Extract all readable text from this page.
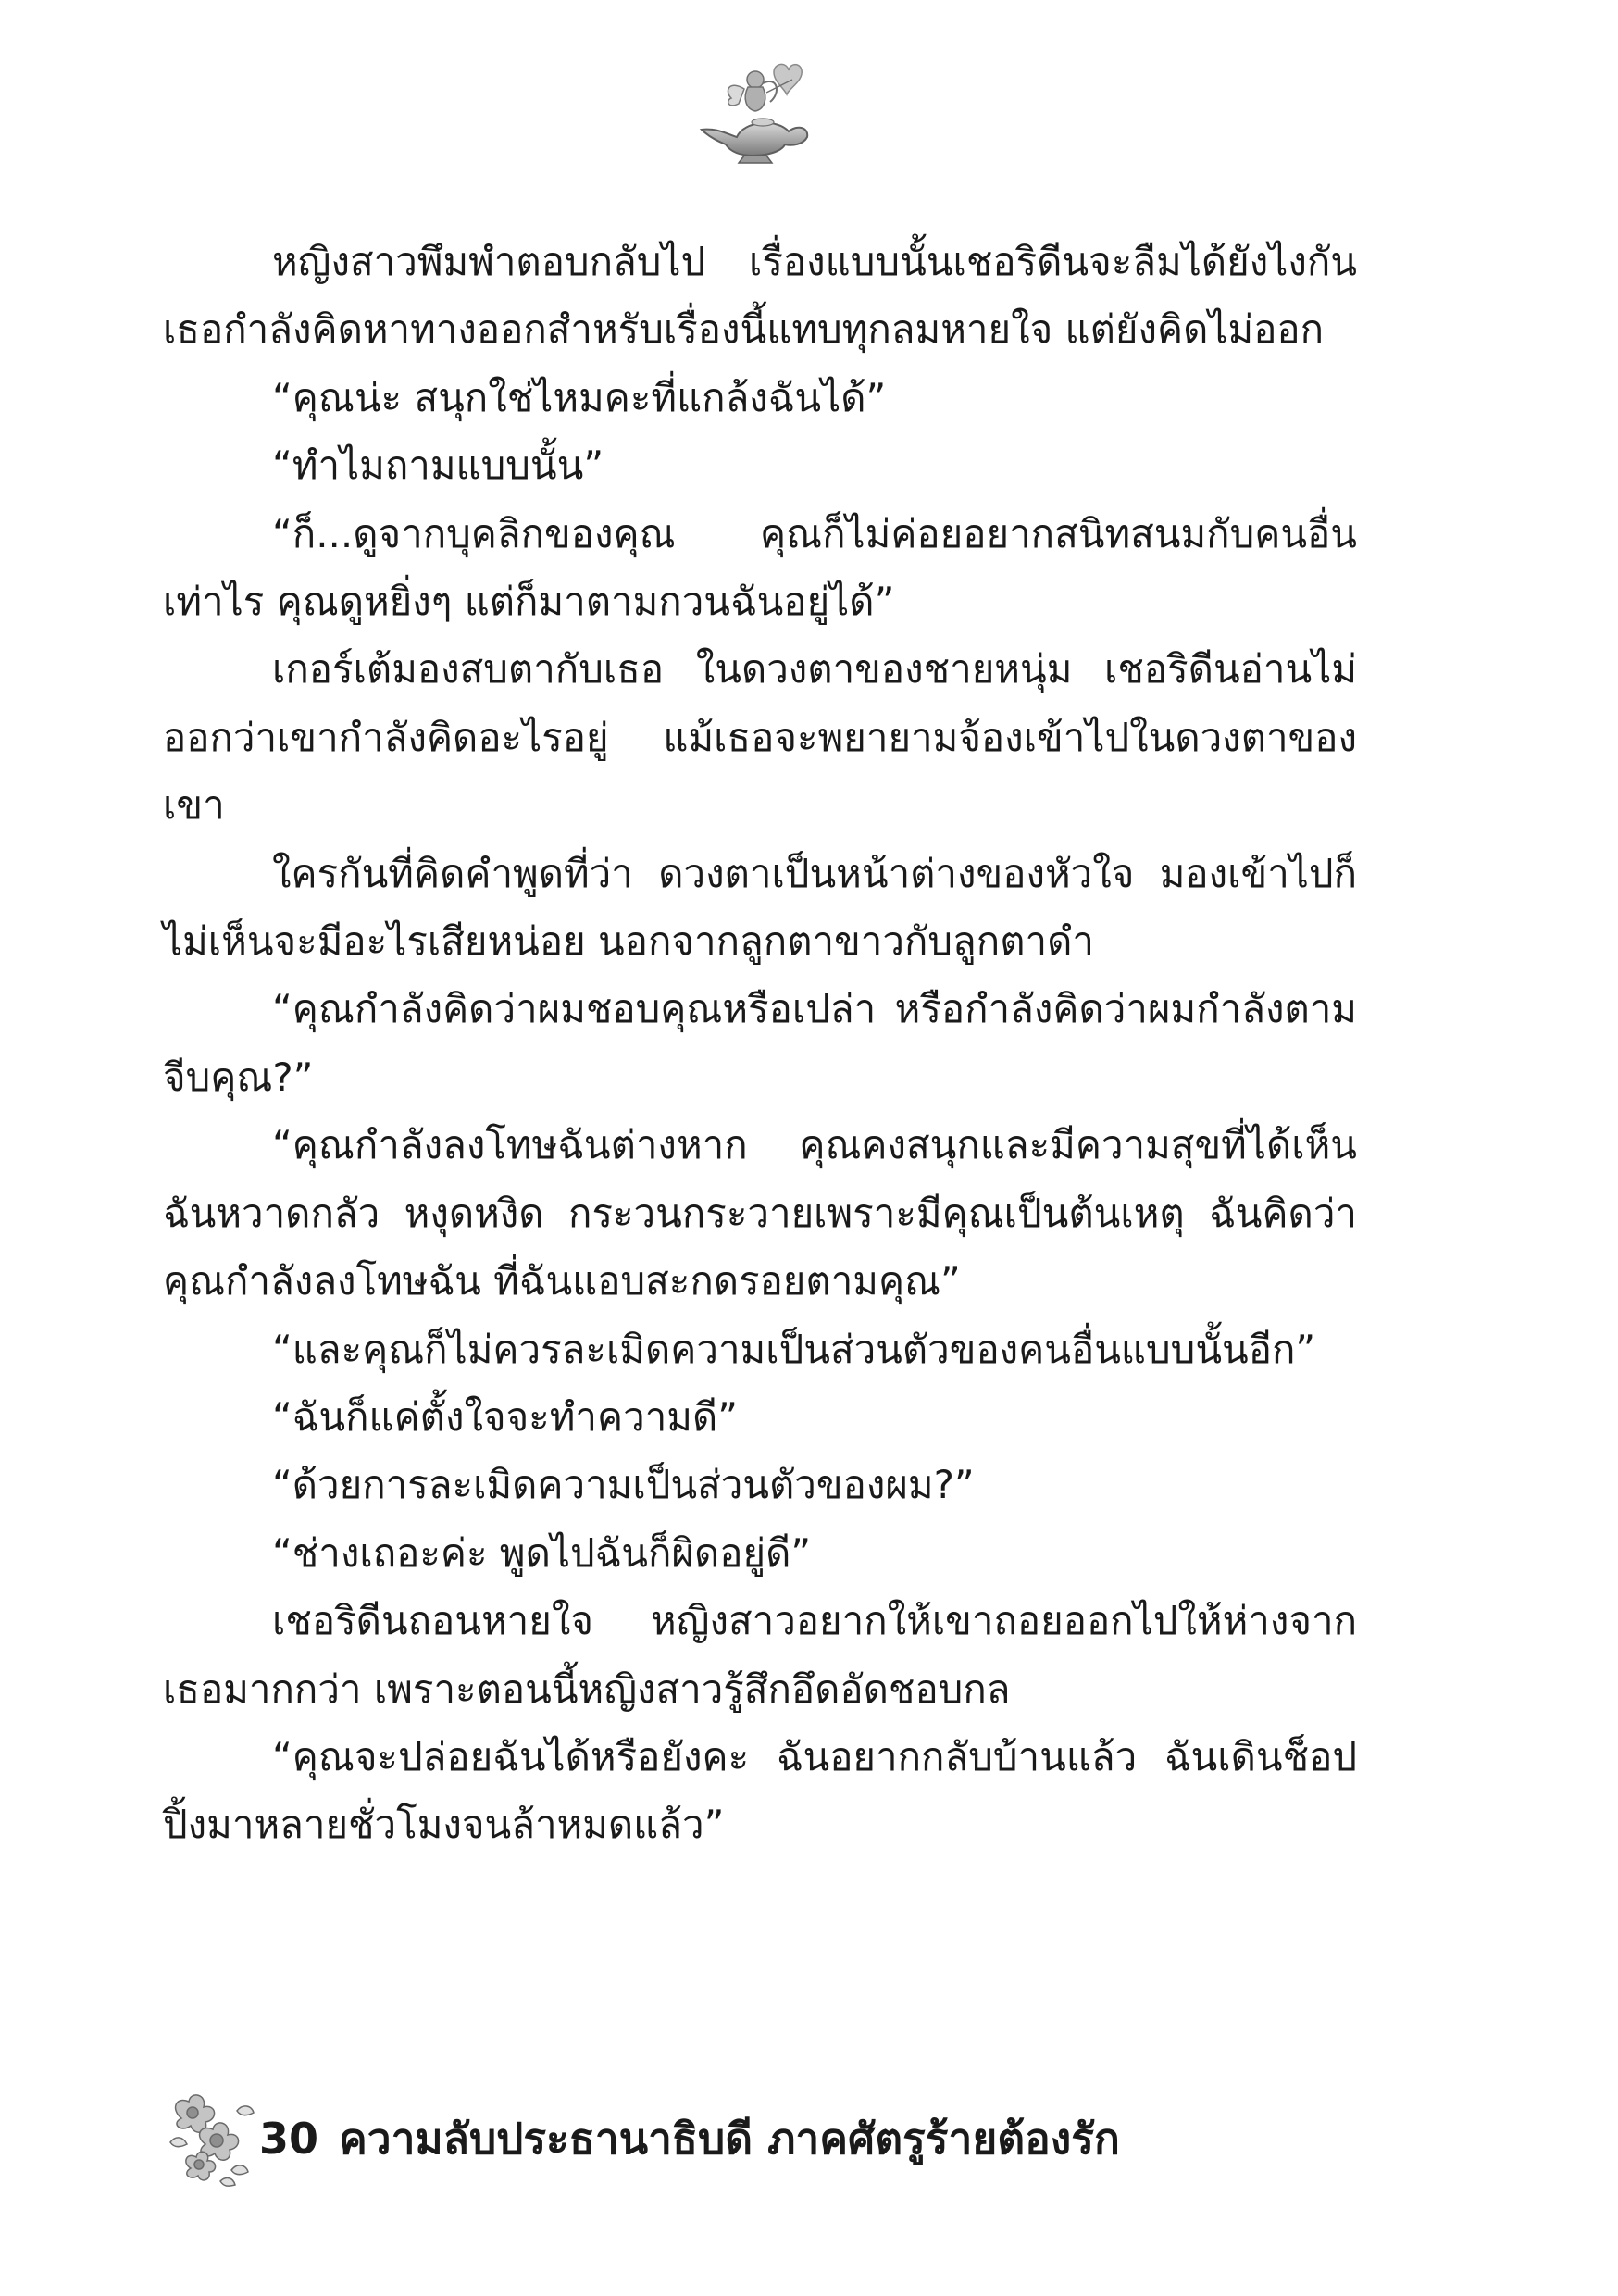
หญิงสาวพึมพำตอบกลับไป เรื่องแบบนั้นเชอริดีนจะลืมได้ยังไงกัน เธอกำลังคิดหาทางออกสำหรับเรื่องนี้แทบทุกลมหายใจ แต่ยังคิดไม่ออก

“คุณน่ะ สนุกใช่ไหมคะที่แกล้งฉันได้”

“ทำไมถามแบบนั้น”

“ก็...ดูจากบุคลิกของคุณ คุณก็ไม่ค่อยอยากสนิทสนมกับคนอื่นเท่าไร คุณดูหยิ่งๆ แต่ก็มาตามกวนฉันอยู่ได้”

เกอร์เต้มองสบตากับเธอ ในดวงตาของชายหนุ่ม เชอริดีนอ่านไม่ออกว่าเขากำลังคิดอะไรอยู่ แม้เธอจะพยายามจ้องเข้าไปในดวงตาของเขา

ใครกันที่คิดคำพูดที่ว่า ดวงตาเป็นหน้าต่างของหัวใจ มองเข้าไปก็ไม่เห็นจะมีอะไรเสียหน่อย นอกจากลูกตาขาวกับลูกตาดำ

“คุณกำลังคิดว่าผมชอบคุณหรือเปล่า หรือกำลังคิดว่าผมกำลังตามจีบคุณ?”

“คุณกำลังลงโทษฉันต่างหาก คุณคงสนุกและมีความสุขที่ได้เห็นฉันหวาดกลัว หงุดหงิด กระวนกระวายเพราะมีคุณเป็นต้นเหตุ ฉันคิดว่าคุณกำลังลงโทษฉัน ที่ฉันแอบสะกดรอยตามคุณ”

“และคุณก็ไม่ควรละเมิดความเป็นส่วนตัวของคนอื่นแบบนั้นอีก”

“ฉันก็แค่ตั้งใจจะทำความดี”

“ด้วยการละเมิดความเป็นส่วนตัวของผม?”

“ช่างเถอะค่ะ พูดไปฉันก็ผิดอยู่ดี”

เชอริดีนถอนหายใจ หญิงสาวอยากให้เขาถอยออกไปให้ห่างจากเธอมากกว่า เพราะตอนนี้หญิงสาวรู้สึกอึดอัดชอบกล

“คุณจะปล่อยฉันได้หรือยังคะ ฉันอยากกลับบ้านแล้ว ฉันเดินช็อปปิ้งมาหลายชั่วโมงจนล้าหมดแล้ว”

30 ความลับประธานาธิบดี ภาคศัตรูร้ายต้องรัก
